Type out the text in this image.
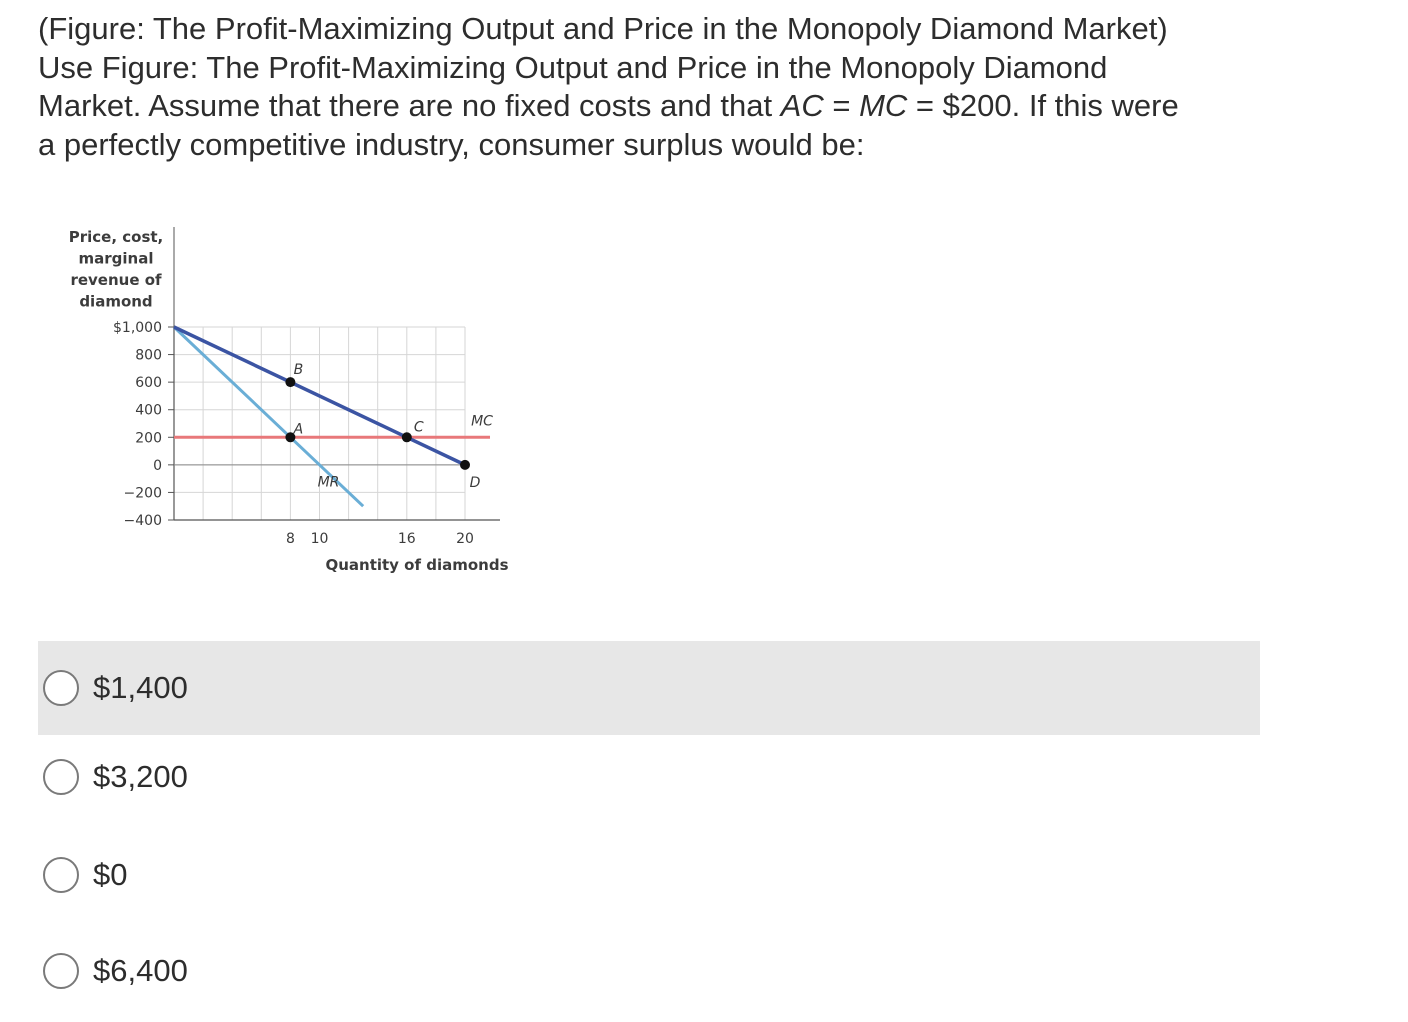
(Figure: The Profit-Maximizing Output and Price in the Monopoly Diamond Market)
Use Figure: The Profit-Maximizing Output and Price in the Monopoly Diamond
Market. Assume that there are no fixed costs and that AC = MC = $200. If this were
a perfectly competitive industry, consumer surplus would be:

Price, cost,
marginal
revenue of
diamond
$1,000
800
600
400
200
0
−200
−400
8 10	16	20
A
B
C
D
MR
MC
Quantity of diamonds
$1,400
$3,200
$0
$6,400
